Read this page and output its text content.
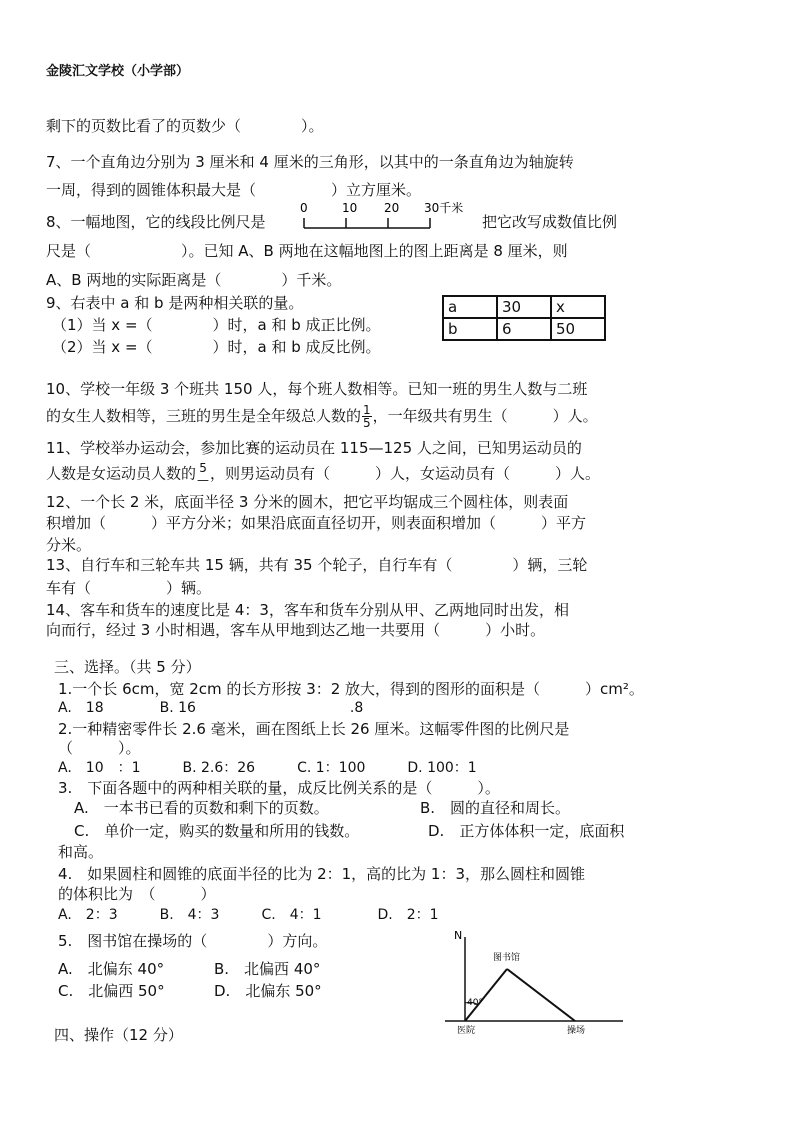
金陵汇文学校（小学部）
剩下的页数比看了的页数少（　　　　）。
7、一个直角边分别为 3 厘米和 4 厘米的三角形，以其中的一条直角边为轴旋转
一周，得到的圆锥体积最大是（　　　　　）立方厘米。
8、一幅地图，它的线段比例尺是
0	10 20 30千米
把它改写成数值比例
尺是（　　　　　　）。已知 A、B 两地在这幅地图上的图上距离是 8 厘米，则
A、B 两地的实际距离是（　　　　）千米。
9、右表中 a 和 b 是两种相关联的量。
（1）当 x =（　　　　）时，a 和 b 成正比例。
（2）当 x =（　　　　）时，a 和 b 成反比例。
a	30	x
b	6	50
10、学校一年级 3 个班共 150 人，每个班人数相等。已知一班的男生人数与二班
的女生人数相等，三班的男生是全年级总人数的 $\frac{1}{5}$ ，一年级共有男生（　　　）人。
11、学校举办运动会，参加比赛的运动员在 115—125 人之间，已知男运动员的
人数是女运动员人数的 5
— ，则男运动员有（　　　）人，女运动员有（　　　）人。
12、一个长 2 米，底面半径 3 分米的圆木，把它平均锯成三个圆柱体，则表面
积增加（　　　）平方分米；如果沿底面直径切开，则表面积增加（　　　）平方
分米。
13、自行车和三轮车共 15 辆，共有 35 个轮子，自行车有（　　　　）辆，三轮
车有（　　　　　）辆。
14、客车和货车的速度比是 4：3，客车和货车分别从甲、乙两地同时出发，相
向而行，经过 3 小时相遇，客车从甲地到达乙地一共要用（　　　）小时。
三、选择。（共 5 分）
1.一个长 6cm，宽 2cm 的长方形按 3：2 放大，得到的图形的面积是（　　　）cm²。
A.　18　　　　B. 16　　　　　　　　　　　.8
2.一种精密零件长 2.6 毫米，画在图纸上长 26 厘米。这幅零件图的比例尺是
（　　　）。
A.　10　：1　　　B. 2.6：26　　　C. 1：100　　　D. 100：1
3.　下面各题中的两种相关联的量，成反比例关系的是（　　　）。
A.　一本书已看的页数和剩下的页数。	B.　圆的直径和周长。
C.　单价一定，购买的数量和所用的钱数。	D.　正方体体积一定，底面积
和高。
4.　如果圆柱和圆锥的底面半径的比为 2：1，高的比为 1：3，那么圆柱和圆锥
的体积比为　（　　　）
A.　2：3　　　B.　4：3　　　C.　4：1　　　　D.　2：1
5.　图书馆在操场的（　　　　）方向。
A.　北偏东 40°	B.　北偏西 40°
C.　北偏西 50°	D.　北偏东 50°
N
40°
图书馆
医院	操场
四、操作（12 分）
